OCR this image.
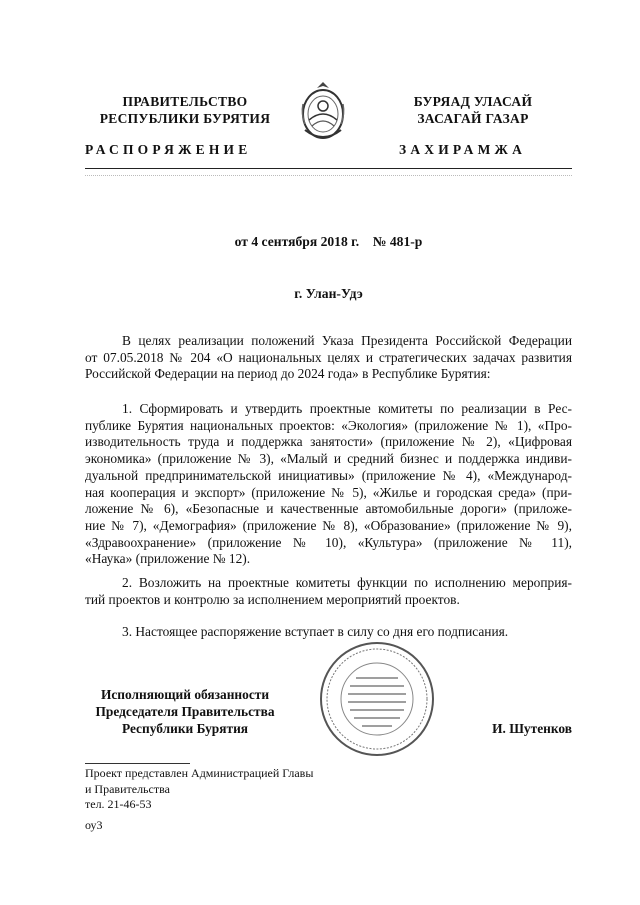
ПРАВИТЕЛЬСТВО
РЕСПУБЛИКИ БУРЯТИЯ
БУРЯАД УЛАСАЙ
ЗАСАГАЙ ГАЗАР
РАСПОРЯЖЕНИЕ	ЗАХИРАМЖА
от 4 сентября 2018 г.    № 481-р
г. Улан-Удэ
В целях реализации положений Указа Президента Российской Федерации
от 07.05.2018 № 204 «О национальных целях и стратегических задачах развития
Российской Федерации на период до 2024 года» в Республике Бурятия:
1. Сформировать и утвердить проектные комитеты по реализации в Рес-
публике Бурятия национальных проектов: «Экология» (приложение № 1), «Про-
изводительность труда и поддержка занятости» (приложение № 2), «Цифровая
экономика» (приложение № 3), «Малый и средний бизнес и поддержка индиви-
дуальной предпринимательской инициативы» (приложение № 4), «Международ-
ная кооперация и экспорт» (приложение № 5), «Жилье и городская среда» (при-
ложение № 6), «Безопасные и качественные автомобильные дороги» (приложе-
ние № 7), «Демография» (приложение № 8), «Образование» (приложение № 9),
«Здравоохранение» (приложение № 10), «Культура» (приложение № 11),
«Наука» (приложение № 12).
2. Возложить на проектные комитеты функции по исполнению мероприя-
тий проектов и контролю за исполнением мероприятий проектов.
3. Настоящее распоряжение вступает в силу со дня его подписания.
Исполняющий обязанности
Председателя Правительства
Республики Бурятия	И. Шутенков
Проект представлен Администрацией Главы
и Правительства
тел. 21-46-53
оу3
